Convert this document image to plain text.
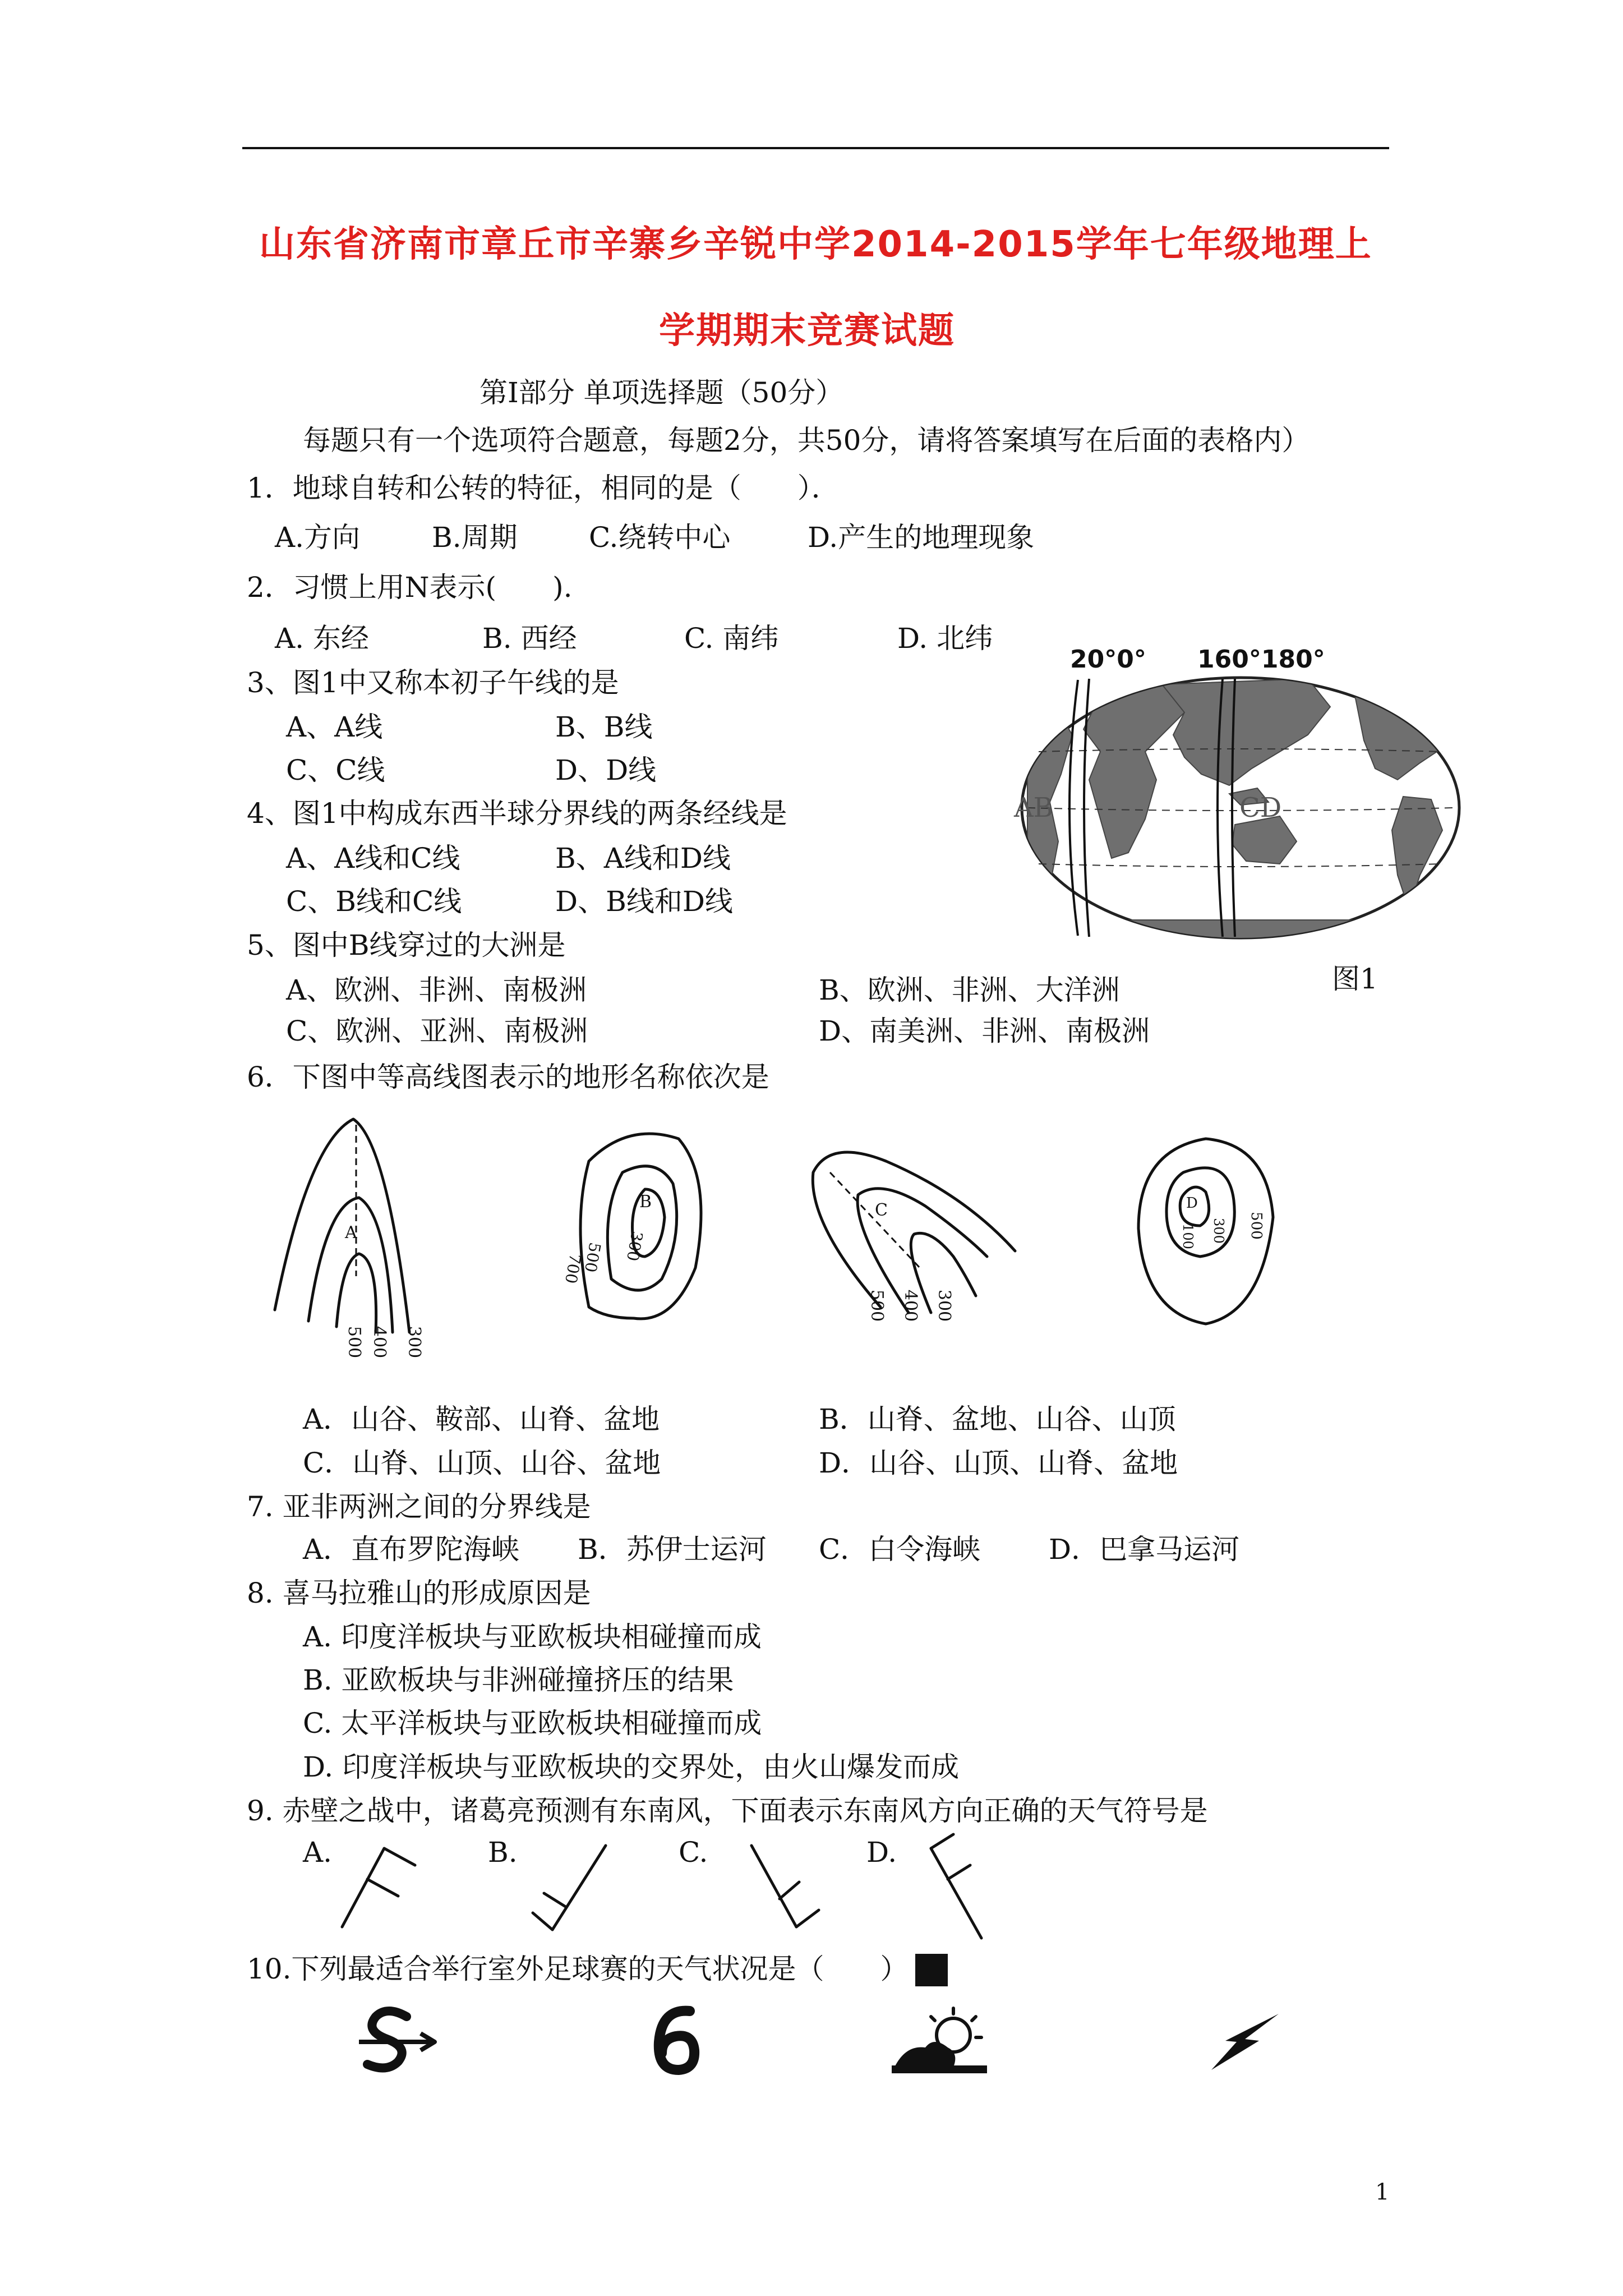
山东省济南市章丘市辛寨乡辛锐中学2014-2015学年七年级地理上
学期期末竞赛试题
第Ⅰ部分 单项选择题（50分）
每题只有一个选项符合题意，每题2分，共50分，请将答案填写在后面的表格内）
1．地球自转和公转的特征，相同的是（　　）．
A.方向	B.周期	C.绕转中心	D.产生的地理现象
2．习惯上用N表示(　　).
A. 东经	B. 西经	C. 南纬	D. 北纬
3、图1中又称本初子午线的是
A、A线	B、B线
C、C线	D、D线
4、图1中构成东西半球分界线的两条经线是
A、A线和C线	B、A线和D线
C、B线和C线	D、B线和D线
5、图中B线穿过的大洲是
A、欧洲、非洲、南极洲	B、欧洲、非洲、大洋洲
C、欧洲、亚洲、南极洲	D、南美洲、非洲、南极洲
20°0° 160°180°
AB	CD
图1
6．下图中等高线图表示的地形名称依次是
A
500 400 300
B
300
500
700
C
500 400 300
D
100 300 500
A．山谷、鞍部、山脊、盆地	B．山脊、盆地、山谷、山顶
C．山脊、山顶、山谷、盆地	D．山谷、山顶、山脊、盆地
7. 亚非两洲之间的分界线是
A．直布罗陀海峡 B．苏伊士运河 C．白令海峡 D．巴拿马运河
8. 喜马拉雅山的形成原因是
A. 印度洋板块与亚欧板块相碰撞而成
B. 亚欧板块与非洲碰撞挤压的结果
C. 太平洋板块与亚欧板块相碰撞而成
D. 印度洋板块与亚欧板块的交界处，由火山爆发而成
9. 赤壁之战中，诸葛亮预测有东南风，下面表示东南风方向正确的天气符号是
A.	B.	C.	D.
10.下列最适合举行室外足球赛的天气状况是（　　）
1
